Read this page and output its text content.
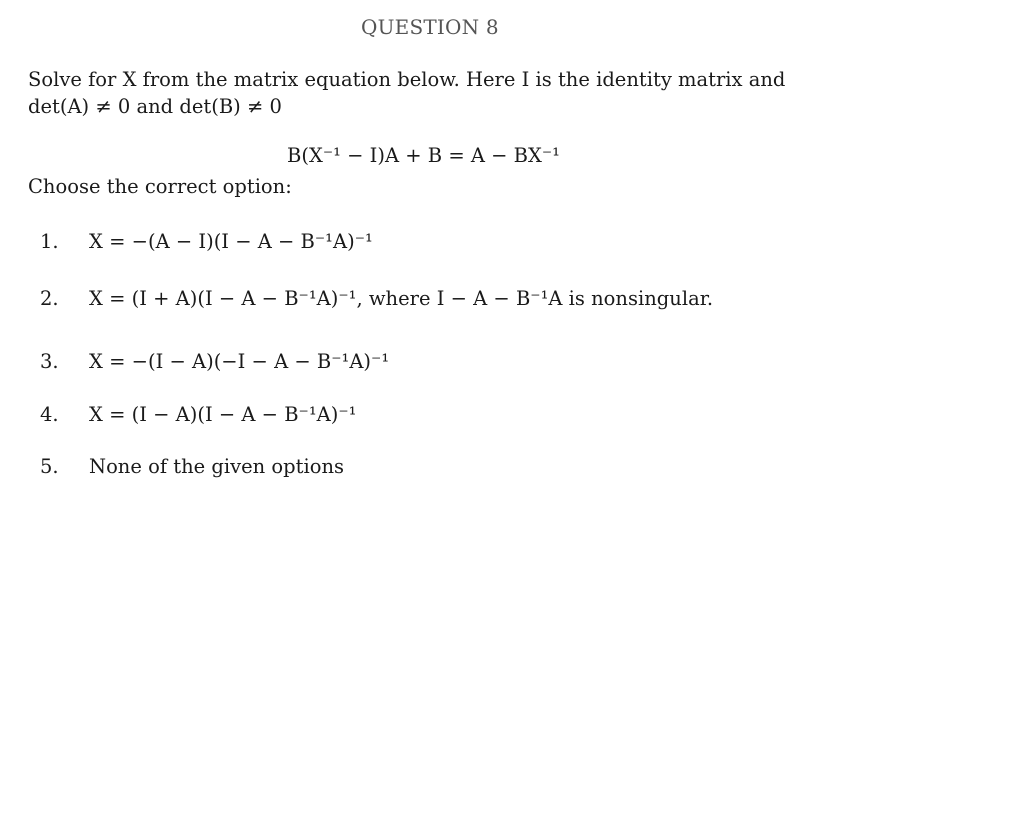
QUESTION 8
Solve for X from the matrix equation below. Here I is the identity matrix and
det(A) ≠ 0 and det(B) ≠ 0
B(X⁻¹ − I)A + B = A − BX⁻¹
Choose the correct option:
1. X = −(A − I)(I − A − B⁻¹A)⁻¹
2. X = (I + A)(I − A − B⁻¹A)⁻¹, where I − A − B⁻¹A is nonsingular.
3. X = −(I − A)(−I − A − B⁻¹A)⁻¹
4. X = (I − A)(I − A − B⁻¹A)⁻¹
5. None of the given options
